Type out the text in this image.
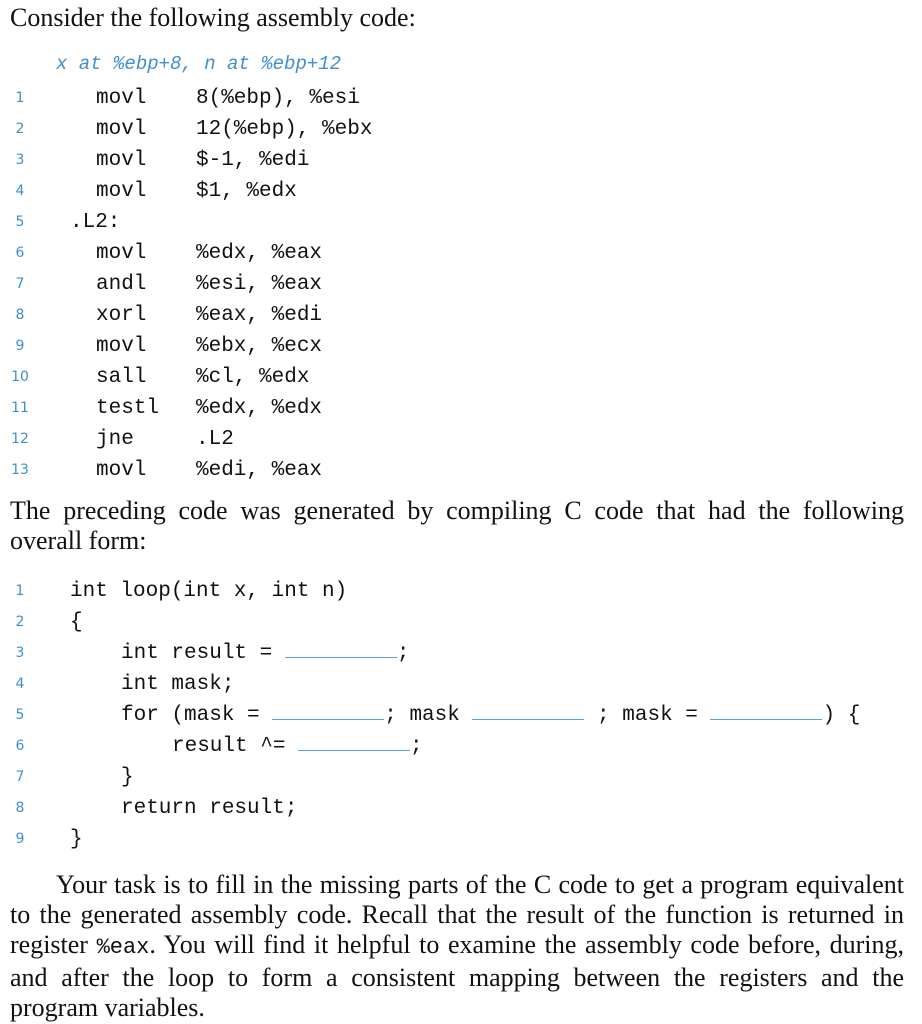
Consider the following assembly code:
x at %ebp+8, n at %ebp+12
1	movl 8(%ebp), %esi
2	movl 12(%ebp), %ebx
3	movl $-1, %edi
4	movl $1, %edx
5	.L2:
6	movl %edx, %eax
7	andl %esi, %eax
8	xorl %eax, %edi
9	movl %ebx, %ecx
10	sall %cl, %edx
11	testl %edx, %edx
12	jne	.L2
13	movl %edi, %eax
The preceding code was generated by compiling C code that had the following overall form:
1	int loop(int x, int n)
2	{
3	int result =	;
4	int mask;
5	for (mask =	; mask	; mask =	) {
6	result ^=	;
7	}
8	return result;
9	}
Your task is to fill in the missing parts of the C code to get a program equivalent to the generated assembly code. Recall that the result of the function is returned in register %eax. You will find it helpful to examine the assembly code before, during, and after the loop to form a consistent mapping between the registers and the program variables.
